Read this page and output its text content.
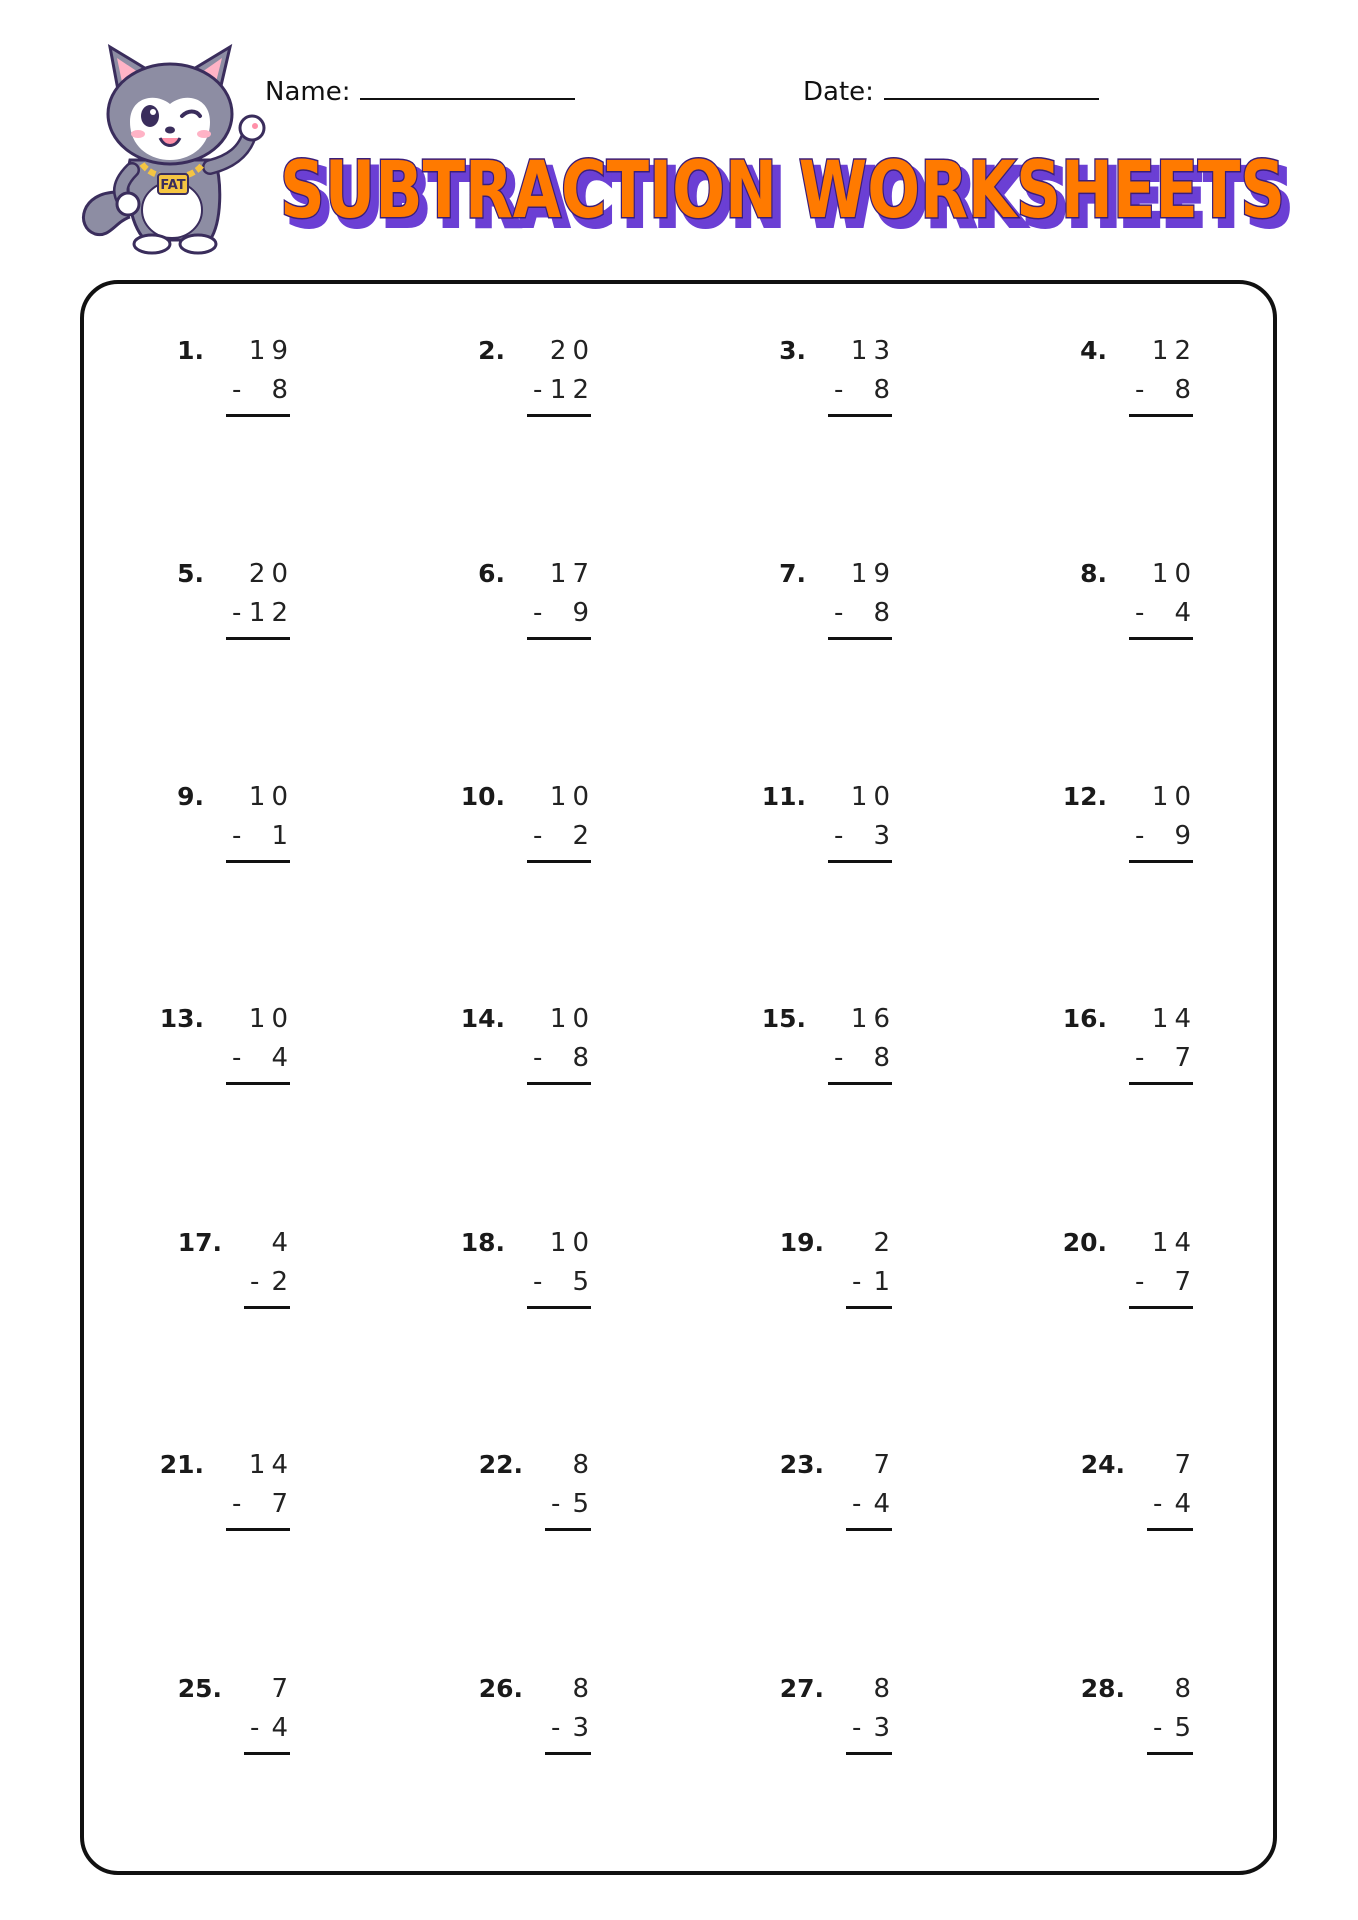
FAT
Name:	Date:
SUBTRACTION WORKSHEETS
SUBTRACTION WORKSHEETS
1. 19
- 8
2. 20
- 12
3. 13
- 8
4. 12
- 8
5. 20
- 12
6. 17
- 9
7. 19
- 8
8. 10
- 4
9. 10
- 1
10. 10
- 2
11. 10
- 3
12. 10
- 9
13. 10
- 4
14. 10
- 8
15. 16
- 8
16. 14
- 7
17. 4
- 2
18. 10
- 5
19. 2
- 1
20. 14
- 7
21. 14
- 7
22. 8
- 5
23. 7
- 4
24. 7
- 4
25. 7
- 4
26. 8
- 3
27. 8
- 3
28. 8
- 5
